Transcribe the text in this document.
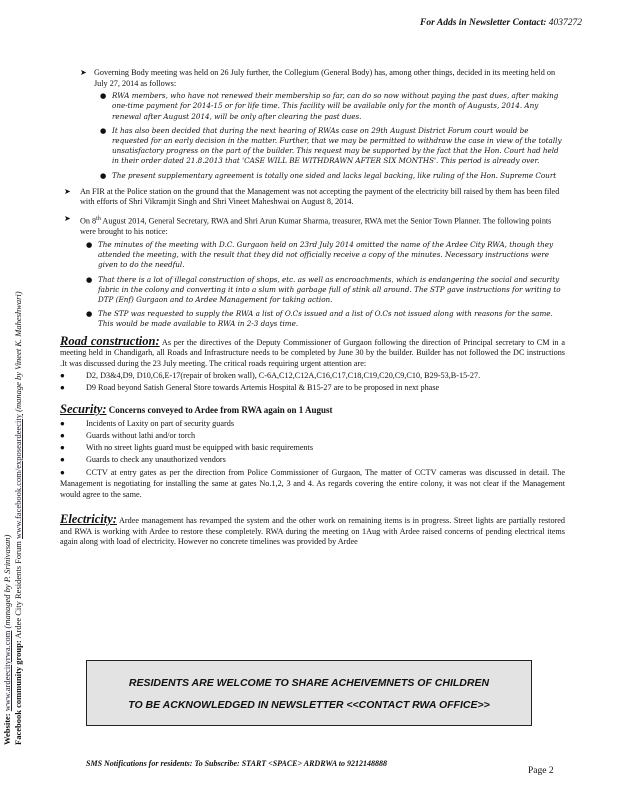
For Adds in Newsletter Contact: 4037272
Website: www.ardeecityrwa.com (managed by P. Srinivasan)
Facebook community group: Ardee City Residents Forum www.facebook.com/exposeardeecity (manage by Vineet K. Maheshwari)
➤ Governing Body meeting was held on 26 July further, the Collegium (General Body) has, among other things, decided in its meeting held on July 27, 2014 as follows:

● RWA members, who have not renewed their membership so far, can do so now without paying the past dues, after making one-time payment for 2014-15 or for life time. This facility will be available only for the month of Augusts, 2014. Any renewal after August 2014, will be only after clearing the past dues.
● It has also been decided that during the next hearing of RWAs case on 29th August District Forum court would be requested for an early decision in the matter. Further, that we may be permitted to withdraw the case in view of the totally unsatisfactory progress on the part of the builder. This request may be supported by the fact that the Hon. Court had held in their order dated 21.8.2013 that 'CASE WILL BE WITHDRAWN AFTER SIX MONTHS'. This period is already over.
● The present supplementary agreement is totally one sided and lacks legal backing, like ruling of the Hon. Supreme Court
➤ An FIR at the Police station on the ground that the Management was not accepting the payment of the electricity bill raised by them has been filed with efforts of Shri Vikramjit Singh and Shri Vineet Maheshwai on August 8, 2014.

➤ On 8th August 2014, General Secretary, RWA and Shri Arun Kumar Sharma, treasurer, RWA met the Senior Town Planner. The following points were brought to his notice:

● The minutes of the meeting with D.C. Gurgaon held on 23rd July 2014 omitted the name of the Ardee City RWA, though they attended the meeting, with the result that they did not officially receive a copy of the minutes. Necessary instructions were given to do the needful.
● That there is a lot of illegal construction of shops, etc. as well as encroachments, which is endangering the social and security fabric in the colony and converting it into a slum with garbage full of stink all around. The STP gave instructions for writing to DTP (Enf) Gurgaon and to Ardee Management for taking action.
● The STP was requested to supply the RWA a list of O.Cs issued and a list of O.Cs not issued along with reasons for the same. This would be made available to RWA in 2-3 days time.

Road construction: As per the directives of the Deputy Commissioner of Gurgaon following the direction of Principal secretary to CM in a meeting held in Chandigarh, all Roads and Infrastructure needs to be completed by June 30 by the builder. Builder has not followed the DC instructions .It was discussed during the 23 July meeting. The critical roads requiring urgent attention are:

●	D2, D3&4,D9, D10,C6,E-17(repair of broken wall), C-6A,C12,C12A,C16,C17,C18,C19,C20,C9,C10, B29-53,B-15-27.
●	D9 Road beyond Satish General Store towards Artemis Hospital & B15-27 are to be proposed in next phase

Security: Concerns conveyed to Ardee from RWA again on 1 August

●	Incidents of Laxity on part of security guards
●	Guards without lathi and/or torch
●	With no street lights guard must be equipped with basic requirements
●	Guards to check any unauthorized vendors

●	CCTV at entry gates as per the direction from Police Commissioner of Gurgaon, The matter of CCTV cameras was discussed in detail. The Management is negotiating for installing the same at gates No.1,2, 3 and 4. As regards covering the entire colony, it was not clear if the Management would agree to the same.

Electricity: Ardee management has revamped the system and the other work on remaining items is in progress. Street lights are partially restored and RWA is working with Ardee to restore these completely. RWA during the meeting on 1Aug with Ardee raised concerns of pending electrical items again along with load of electricity. However no concrete timelines was provided by Ardee

RESIDENTS ARE WELCOME TO SHARE ACHEIVEMNETS OF CHILDREN
TO BE ACKNOWLEDGED IN NEWSLETTER <<CONTACT RWA OFFICE>>
SMS Notifications for residents: To Subscribe: START <SPACE> ARDRWA to 9212148888
Page 2
